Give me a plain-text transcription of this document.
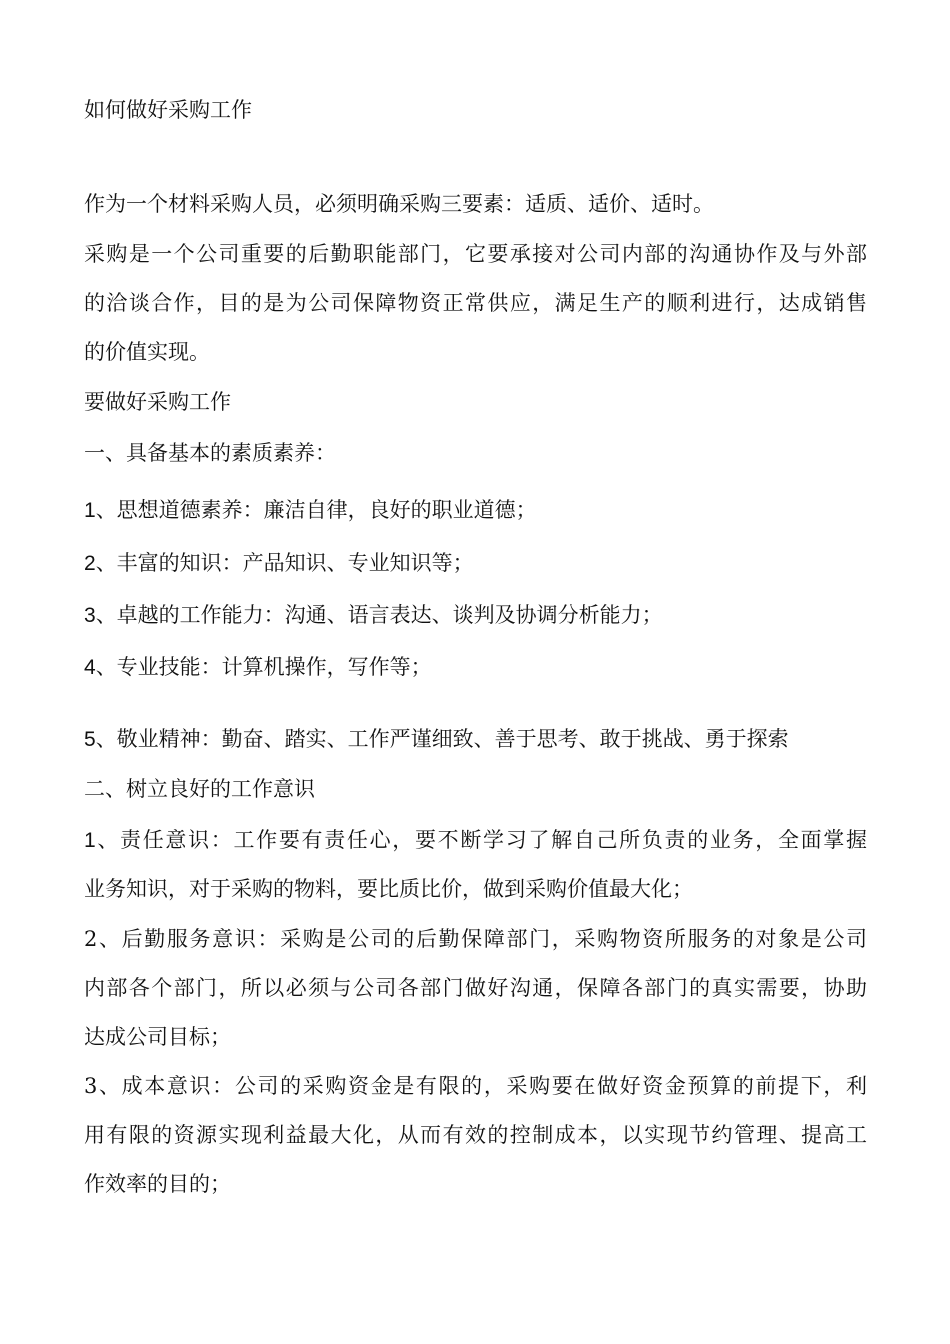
如何做好采购工作

作为一个材料采购人员，必须明确采购三要素：适质、适价、适时。

采购是一个公司重要的后勤职能部门，它要承接对公司内部的沟通协作及与外部

的洽谈合作，目的是为公司保障物资正常供应，满足生产的顺利进行，达成销售

的价值实现。

要做好采购工作

一、具备基本的素质素养：

1、思想道德素养：廉洁自律，良好的职业道德；

2、丰富的知识：产品知识、专业知识等；

3、卓越的工作能力：沟通、语言表达、谈判及协调分析能力；

4、专业技能：计算机操作，写作等；

5、敬业精神：勤奋、踏实、工作严谨细致、善于思考、敢于挑战、勇于探索

二、树立良好的工作意识

1、责任意识：工作要有责任心，要不断学习了解自己所负责的业务，全面掌握

业务知识，对于采购的物料，要比质比价，做到采购价值最大化；

2、后勤服务意识：采购是公司的后勤保障部门，采购物资所服务的对象是公司

内部各个部门，所以必须与公司各部门做好沟通，保障各部门的真实需要，协助

达成公司目标；

3、成本意识：公司的采购资金是有限的，采购要在做好资金预算的前提下，利

用有限的资源实现利益最大化，从而有效的控制成本，以实现节约管理、提高工

作效率的目的；
